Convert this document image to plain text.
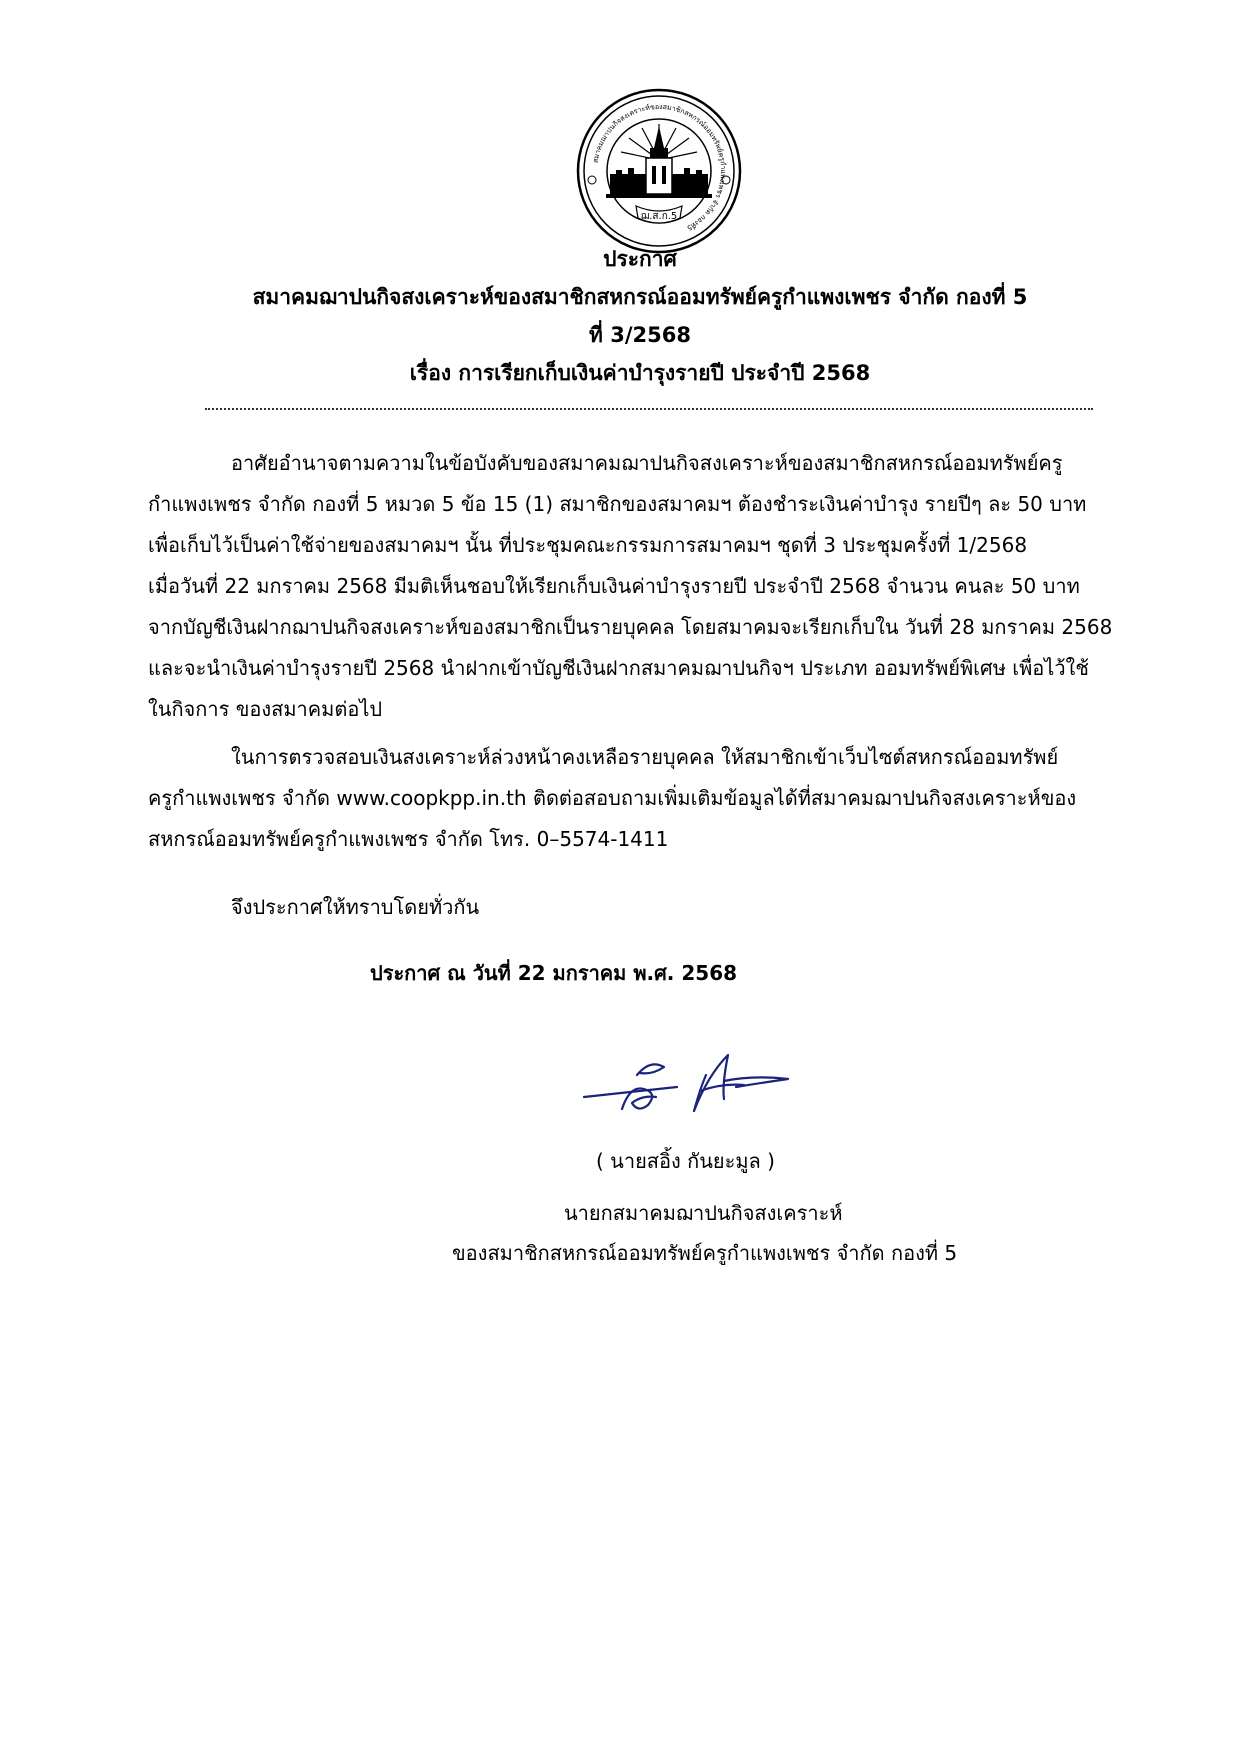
สมาคมฌาปนกิจสงเคราะห์ของสมาชิกสหกรณ์ออมทรัพย์ครูกำแพงเพชร จำกัด กองที่5
ฌ.ส.ก.5
ประกาศ
สมาคมฌาปนกิจสงเคราะห์ของสมาชิกสหกรณ์ออมทรัพย์ครูกำแพงเพชร จำกัด กองที่ 5
ที่ 3/2568
เรื่อง การเรียกเก็บเงินค่าบำรุงรายปี ประจำปี 2568
อาศัยอำนาจตามความในข้อบังคับของสมาคมฌาปนกิจสงเคราะห์ของสมาชิกสหกรณ์ออมทรัพย์ครู
กำแพงเพชร จำกัด กองที่ 5 หมวด 5 ข้อ 15 (1) สมาชิกของสมาคมฯ ต้องชำระเงินค่าบำรุง รายปีๆ ละ 50 บาท
เพื่อเก็บไว้เป็นค่าใช้จ่ายของสมาคมฯ นั้น ที่ประชุมคณะกรรมการสมาคมฯ ชุดที่ 3 ประชุมครั้งที่ 1/2568
เมื่อวันที่ 22 มกราคม 2568 มีมติเห็นชอบให้เรียกเก็บเงินค่าบำรุงรายปี ประจำปี 2568 จำนวน คนละ 50 บาท
จากบัญชีเงินฝากฌาปนกิจสงเคราะห์ของสมาชิกเป็นรายบุคคล โดยสมาคมจะเรียกเก็บใน วันที่ 28 มกราคม 2568
และจะนำเงินค่าบำรุงรายปี 2568 นำฝากเข้าบัญชีเงินฝากสมาคมฌาปนกิจฯ ประเภท ออมทรัพย์พิเศษ เพื่อไว้ใช้
ในกิจการ ของสมาคมต่อไป
ในการตรวจสอบเงินสงเคราะห์ล่วงหน้าคงเหลือรายบุคคล ให้สมาชิกเข้าเว็บไซต์สหกรณ์ออมทรัพย์
ครูกำแพงเพชร จำกัด www.coopkpp.in.th ติดต่อสอบถามเพิ่มเติมข้อมูลได้ที่สมาคมฌาปนกิจสงเคราะห์ของ
สหกรณ์ออมทรัพย์ครูกำแพงเพชร จำกัด โทร. 0–5574-1411
จึงประกาศให้ทราบโดยทั่วกัน
ประกาศ ณ วันที่ 22 มกราคม พ.ศ. 2568
( นายสอิ้ง กันยะมูล )
นายกสมาคมฌาปนกิจสงเคราะห์
ของสมาชิกสหกรณ์ออมทรัพย์ครูกำแพงเพชร จำกัด กองที่ 5
